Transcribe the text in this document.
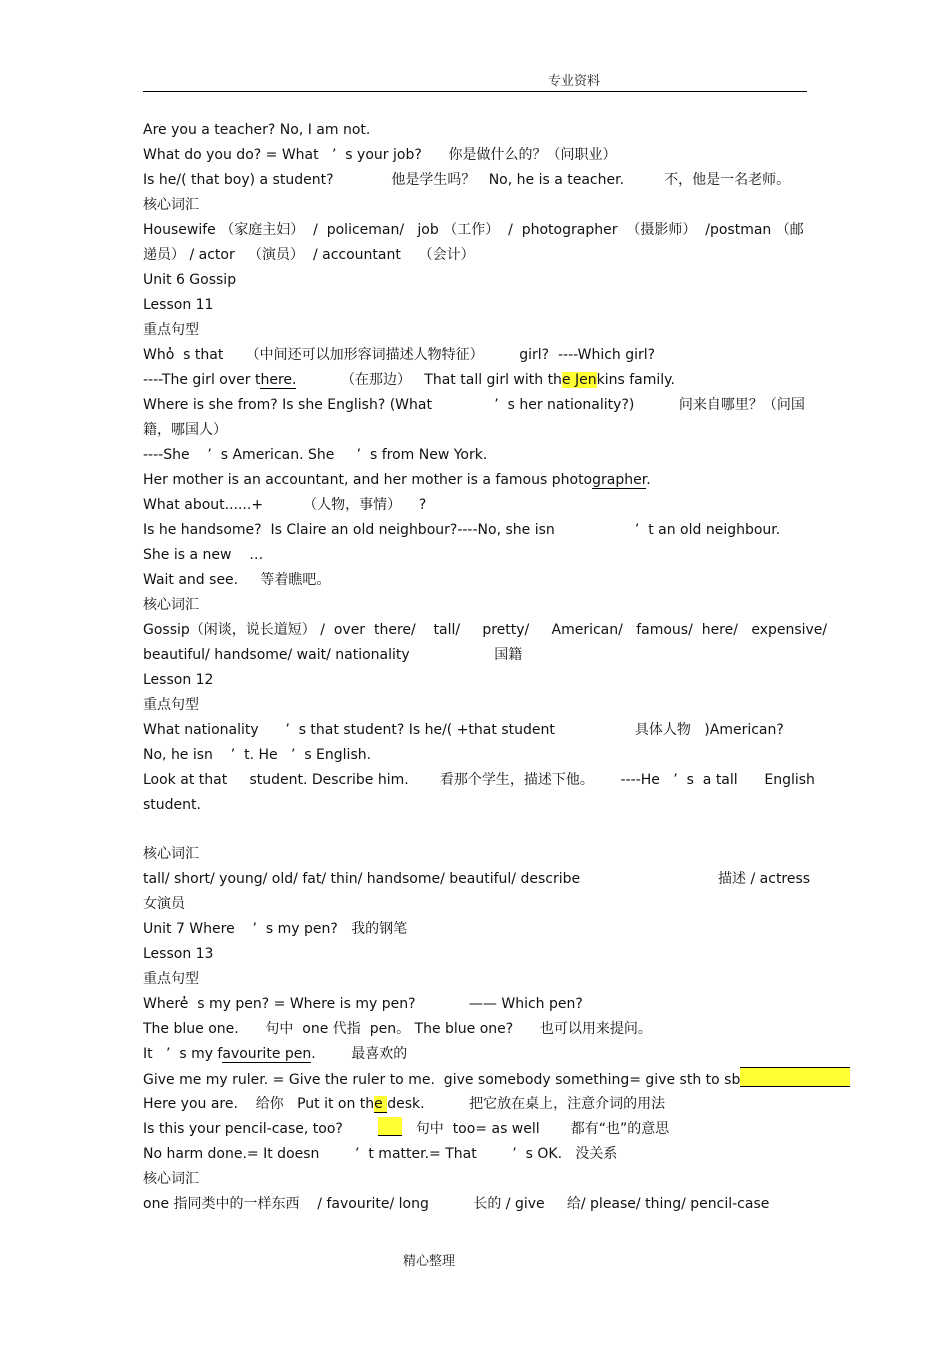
专业资料
Are you a teacher? No, I am not.
What do you do? = What   ’  s your job?      你是做什么的？（问职业）
Is he/( that boy) a student?             他是学生吗？   No, he is a teacher.         不，他是一名老师。
核心词汇
Housewife （家庭主妇）  /  policeman/   job （工作）  /  photographer  （摄影师）  /postman （邮
递员） / actor   （演员）  / accountant    （会计）
Unit 6 Gossip
Lesson 11
重点句型
Who̓  s that     （中间还可以加形容词描述人物特征）        girl?  ----Which girl?
----The girl over there.          （在那边）   That tall girl with the Jenkins family.
Where is she from? Is she English? (What              ’  s her nationality?)          问来自哪里？（问国
籍，哪国人）
----She    ’  s American. She     ’  s from New York.
Her mother is an accountant, and her mother is a famous photographer.
What about......+         （人物，事情）    ?
Is he handsome?  Is Claire an old neighbour?----No, she isn                  ’  t an old neighbour.
She is a new    …
Wait and see.     等着瞧吧。
核心词汇
Gossip（闲谈，说长道短） /  over  there/    tall/     pretty/     American/   famous/  here/   expensive/
beautiful/ handsome/ wait/ nationality                   国籍
Lesson 12
重点句型
What nationality      ’  s that student? Is he/( +that student                  具体人物   )American?
No, he isn    ’  t. He   ’  s English.
Look at that     student. Describe him.       看那个学生，描述下他。      ----He   ’  s  a tall      English
student.
核心词汇
tall/ short/ young/ old/ fat/ thin/ handsome/ beautiful/ describe                               描述 / actress
女演员
Unit 7 Where    ’  s my pen?   我的钢笔
Lesson 13
重点句型
Where̓  s my pen? = Where is my pen?            —— Which pen?
The blue one.      句中  one 代指  pen。 The blue one?      也可以用来提问。
It   ’  s my favourite pen.        最喜欢的
Give me my ruler. = Give the ruler to me.  give somebody something= give sth to sb
Here you are.    给你   Put it on the desk.          把它放在桌上，注意介词的用法
Is this your pencil-case, too?           句中  too= as well       都有“也”的意思
No harm done.= It doesn        ’  t matter.= That        ’  s OK.   没关系
核心词汇
one 指同类中的一样东西    / favourite/ long          长的 / give     给/ please/ thing/ pencil-case
精心整理
